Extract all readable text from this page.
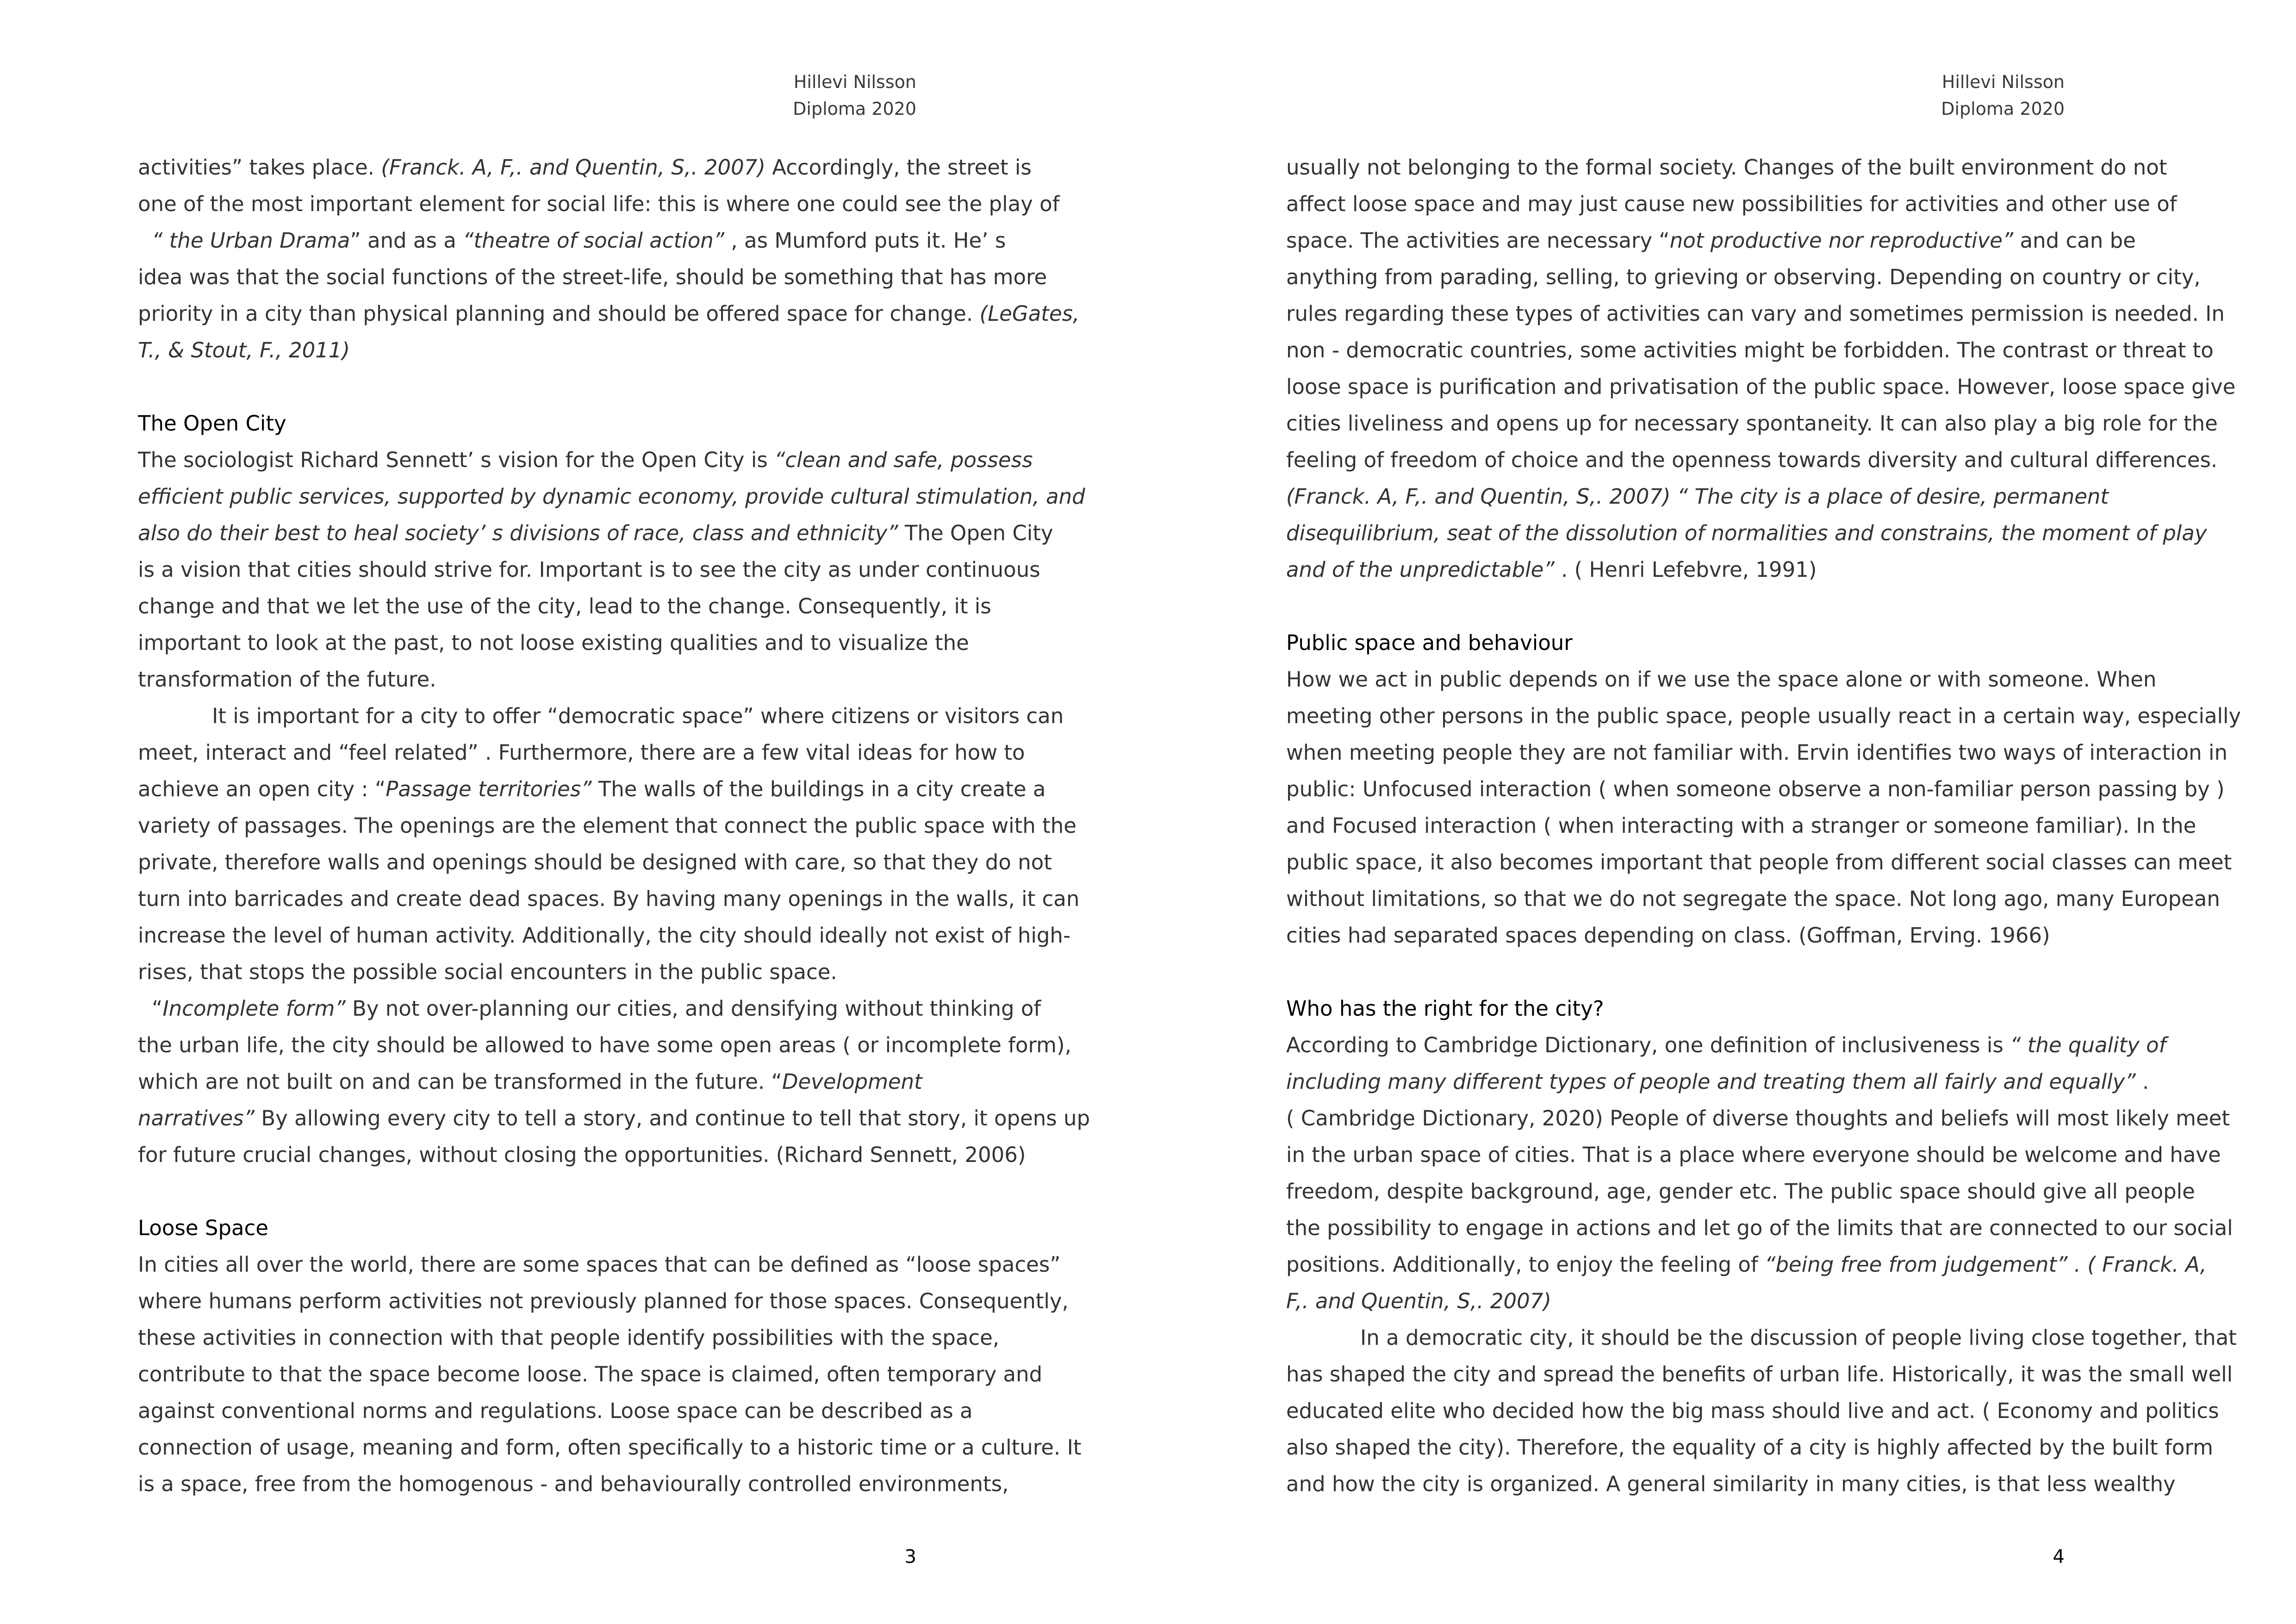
Hillevi Nilsson
Diploma 2020
activities” takes place. (Franck. A, F,. and Quentin, S,. 2007) Accordingly, the street is
one of the most important element for social life: this is where one could see the play of
“ the Urban Drama” and as a “theatre of social action” , as Mumford puts it. He’ s
idea was that the social functions of the street-life, should be something that has more
priority in a city than physical planning and should be offered space for change. (LeGates,
T., & Stout, F., 2011)
The Open City
The sociologist Richard Sennett’ s vision for the Open City is “clean and safe, possess
efficient public services, supported by dynamic economy, provide cultural stimulation, and
also do their best to heal society’ s divisions of race, class and ethnicity” The Open City
is a vision that cities should strive for. Important is to see the city as under continuous
change and that we let the use of the city, lead to the change. Consequently, it is
important to look at the past, to not loose existing qualities and to visualize the
transformation of the future.
It is important for a city to offer “democratic space” where citizens or visitors can
meet, interact and “feel related” . Furthermore, there are a few vital ideas for how to
achieve an open city : “Passage territories” The walls of the buildings in a city create a
variety of passages. The openings are the element that connect the public space with the
private, therefore walls and openings should be designed with care, so that they do not
turn into barricades and create dead spaces. By having many openings in the walls, it can
increase the level of human activity. Additionally, the city should ideally not exist of high-
rises, that stops the possible social encounters in the public space.
“Incomplete form” By not over-planning our cities, and densifying without thinking of
the urban life, the city should be allowed to have some open areas ( or incomplete form),
which are not built on and can be transformed in the future. “Development
narratives” By allowing every city to tell a story, and continue to tell that story, it opens up
for future crucial changes, without closing the opportunities. (Richard Sennett, 2006)
Loose Space
In cities all over the world, there are some spaces that can be defined as “loose spaces”
where humans perform activities not previously planned for those spaces. Consequently,
these activities in connection with that people identify possibilities with the space,
contribute to that the space become loose. The space is claimed, often temporary and
against conventional norms and regulations. Loose space can be described as a
connection of usage, meaning and form, often specifically to a historic time or a culture. It
is a space, free from the homogenous - and behaviourally controlled environments,
3
Hillevi Nilsson
Diploma 2020
usually not belonging to the formal society. Changes of the built environment do not
affect loose space and may just cause new possibilities for activities and other use of
space. The activities are necessary “not productive nor reproductive” and can be
anything from parading, selling, to grieving or observing. Depending on country or city,
rules regarding these types of activities can vary and sometimes permission is needed. In
non - democratic countries, some activities might be forbidden. The contrast or threat to
loose space is purification and privatisation of the public space. However, loose space give
cities liveliness and opens up for necessary spontaneity. It can also play a big role for the
feeling of freedom of choice and the openness towards diversity and cultural differences.
(Franck. A, F,. and Quentin, S,. 2007) “ The city is a place of desire, permanent
disequilibrium, seat of the dissolution of normalities and constrains, the moment of play
and of the unpredictable” . ( Henri Lefebvre, 1991)
Public space and behaviour
How we act in public depends on if we use the space alone or with someone. When
meeting other persons in the public space, people usually react in a certain way, especially
when meeting people they are not familiar with. Ervin identifies two ways of interaction in
public: Unfocused interaction ( when someone observe a non-familiar person passing by )
and Focused interaction ( when interacting with a stranger or someone familiar). In the
public space, it also becomes important that people from different social classes can meet
without limitations, so that we do not segregate the space. Not long ago, many European
cities had separated spaces depending on class. (Goffman, Erving. 1966)
Who has the right for the city?
According to Cambridge Dictionary, one definition of inclusiveness is “ the quality of
including many different types of people and treating them all fairly and equally” .
( Cambridge Dictionary, 2020) People of diverse thoughts and beliefs will most likely meet
in the urban space of cities. That is a place where everyone should be welcome and have
freedom, despite background, age, gender etc. The public space should give all people
the possibility to engage in actions and let go of the limits that are connected to our social
positions. Additionally, to enjoy the feeling of “being free from judgement” . ( Franck. A,
F,. and Quentin, S,. 2007)
In a democratic city, it should be the discussion of people living close together, that
has shaped the city and spread the benefits of urban life. Historically, it was the small well
educated elite who decided how the big mass should live and act. ( Economy and politics
also shaped the city). Therefore, the equality of a city is highly affected by the built form
and how the city is organized. A general similarity in many cities, is that less wealthy
4
